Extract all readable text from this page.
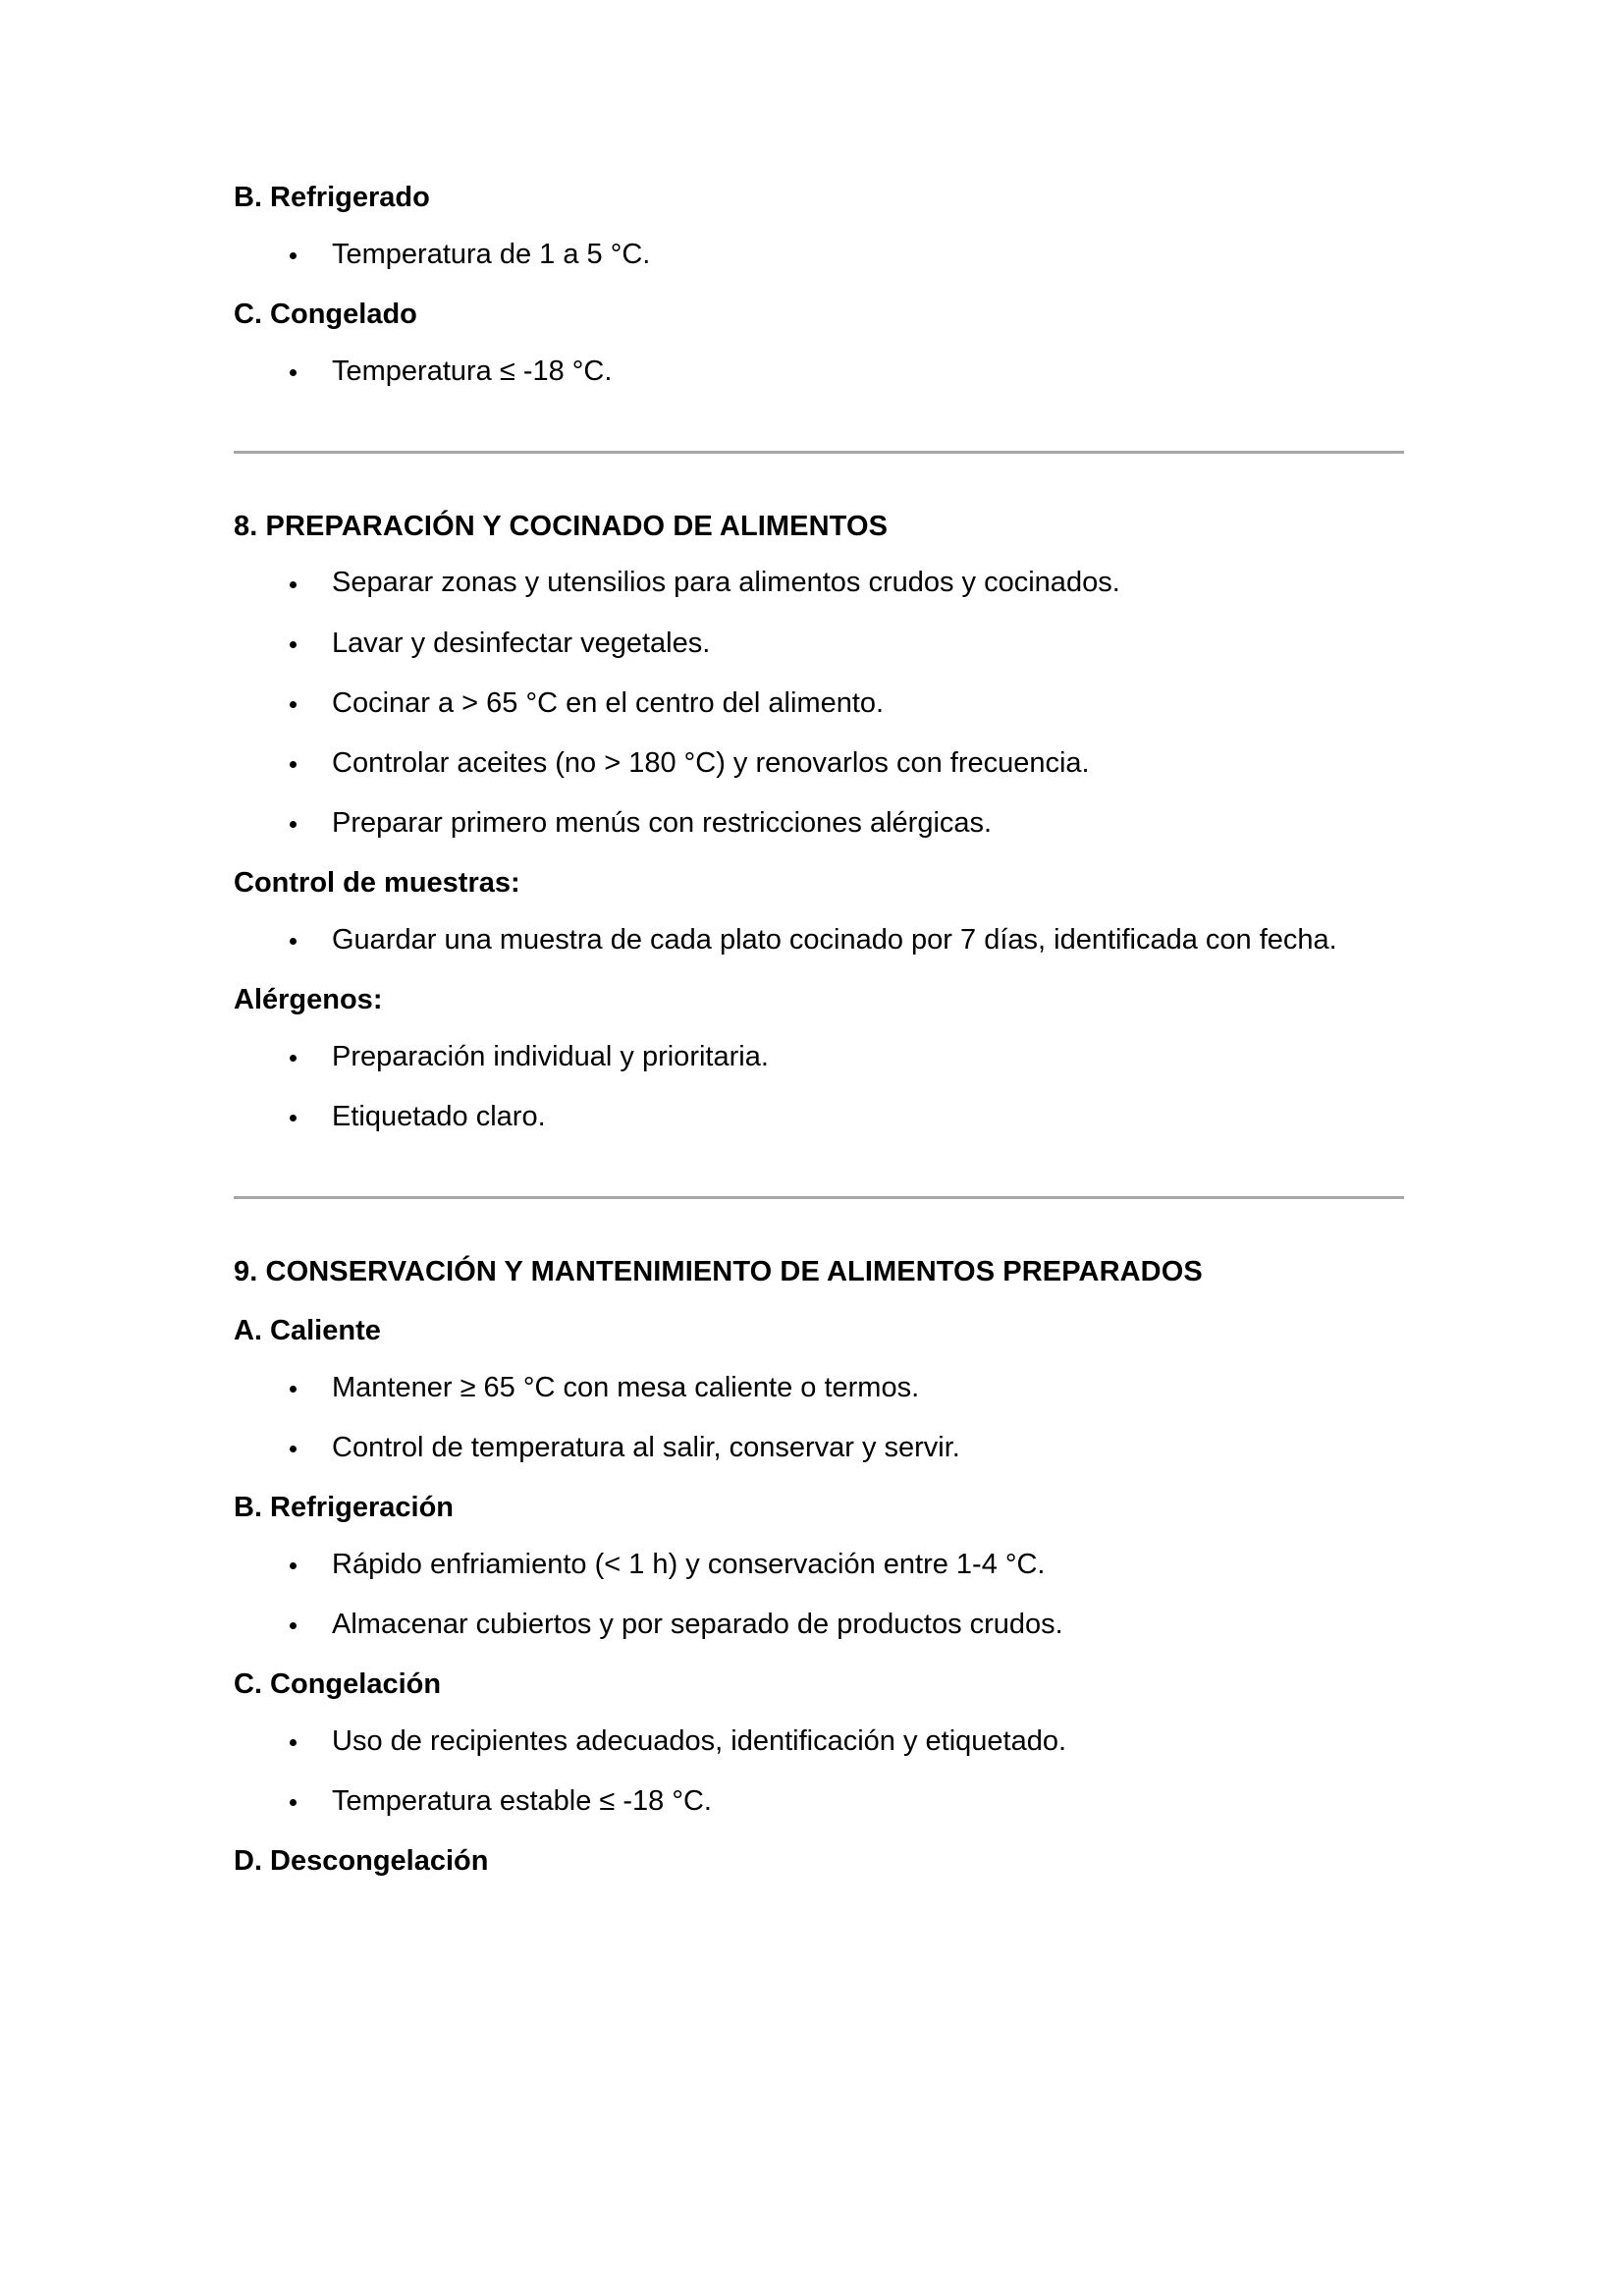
B. Refrigerado
Temperatura de 1 a 5 °C.
C. Congelado
Temperatura ≤ -18 °C.
8. PREPARACIÓN Y COCINADO DE ALIMENTOS
Separar zonas y utensilios para alimentos crudos y cocinados.
Lavar y desinfectar vegetales.
Cocinar a > 65 °C en el centro del alimento.
Controlar aceites (no > 180 °C) y renovarlos con frecuencia.
Preparar primero menús con restricciones alérgicas.
Control de muestras:
Guardar una muestra de cada plato cocinado por 7 días, identificada con fecha.
Alérgenos:
Preparación individual y prioritaria.
Etiquetado claro.
9. CONSERVACIÓN Y MANTENIMIENTO DE ALIMENTOS PREPARADOS
A. Caliente
Mantener ≥ 65 °C con mesa caliente o termos.
Control de temperatura al salir, conservar y servir.
B. Refrigeración
Rápido enfriamiento (< 1 h) y conservación entre 1-4 °C.
Almacenar cubiertos y por separado de productos crudos.
C. Congelación
Uso de recipientes adecuados, identificación y etiquetado.
Temperatura estable ≤ -18 °C.
D. Descongelación
